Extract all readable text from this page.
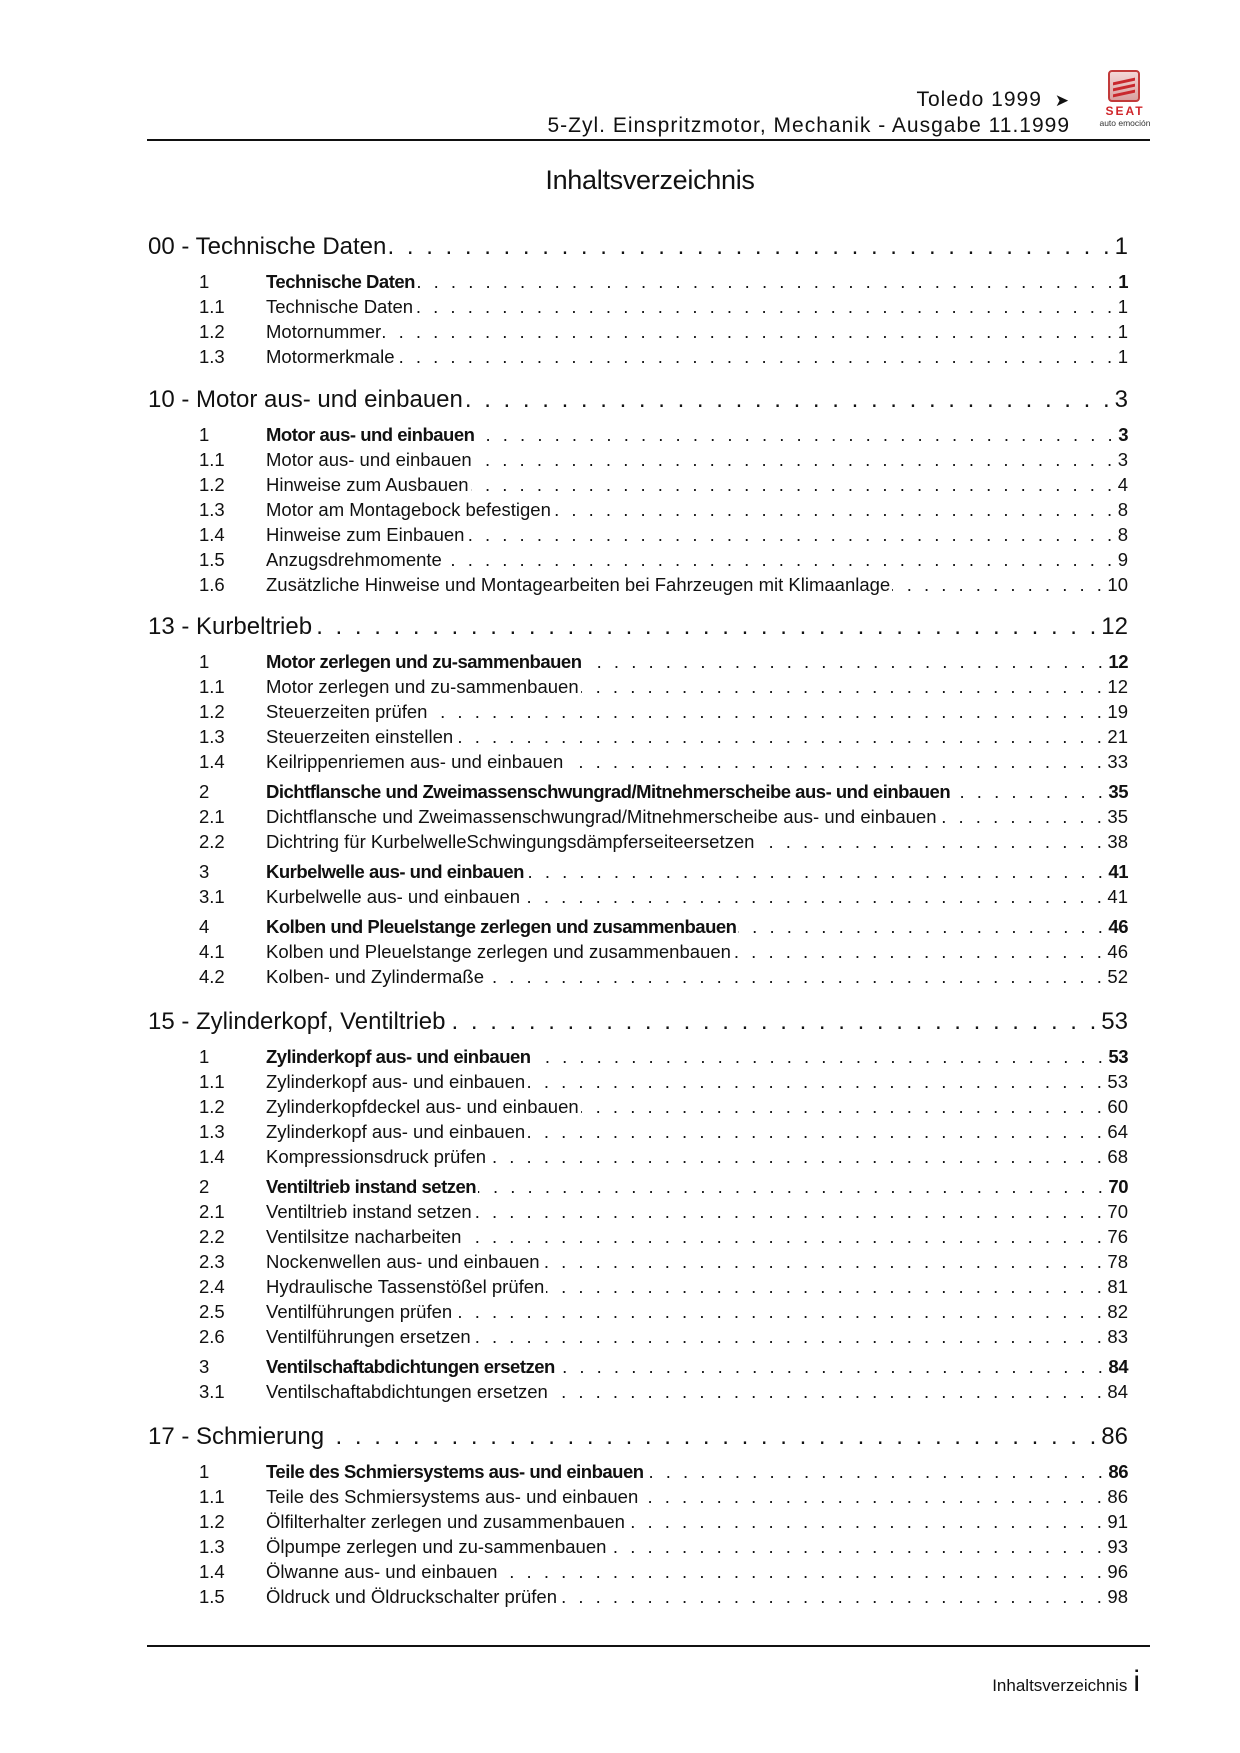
Toledo 1999 ➤
5-Zyl. Einspritzmotor, Mechanik - Ausgabe 11.1999
SEAT
auto emoción
Inhaltsverzeichnis
00 - Technische Daten . . .	1
1	Technische Daten . . .	1
1.1	Technische Daten . . .	1
1.2	Motornummer . . .	1
1.3	Motormerkmale . . .	1
10 - Motor aus- und einbauen . . .	3
1	Motor aus- und einbauen . . .	3
1.1	Motor aus- und einbauen . . .	3
1.2	Hinweise zum Ausbauen . . .	4
1.3	Motor am Montagebock befestigen . . .	8
1.4	Hinweise zum Einbauen . . .	8
1.5	Anzugsdrehmomente . . .	9
1.6	Zusätzliche Hinweise und Montagearbeiten bei Fahrzeugen mit Klimaanlage . . .	10
13 - Kurbeltrieb . . .	12
1	Motor zerlegen und zu-sammenbauen . . .	12
1.1	Motor zerlegen und zu-sammenbauen . . .	12
1.2	Steuerzeiten prüfen . . .	19
1.3	Steuerzeiten einstellen . . .	21
1.4	Keilrippenriemen aus- und einbauen . . .	33
2	Dichtflansche und Zweimassenschwungrad/Mitnehmerscheibe aus- und einbauen . . .	35
2.1	Dichtflansche und Zweimassenschwungrad/Mitnehmerscheibe aus- und einbauen . . .	35
2.2	Dichtring für KurbelwelleSchwingungsdämpferseiteersetzen . . .	38
3	Kurbelwelle aus- und einbauen . . .	41
3.1	Kurbelwelle aus- und einbauen . . .	41
4	Kolben und Pleuelstange zerlegen und zusammenbauen . . .	46
4.1	Kolben und Pleuelstange zerlegen und zusammenbauen . . .	46
4.2	Kolben- und Zylindermaße . . .	52
15 - Zylinderkopf, Ventiltrieb . . .	53
1	Zylinderkopf aus- und einbauen . . .	53
1.1	Zylinderkopf aus- und einbauen . . .	53
1.2	Zylinderkopfdeckel aus- und einbauen . . .	60
1.3	Zylinderkopf aus- und einbauen . . .	64
1.4	Kompressionsdruck prüfen . . .	68
2	Ventiltrieb instand setzen . . .	70
2.1	Ventiltrieb instand setzen . . .	70
2.2	Ventilsitze nacharbeiten . . .	76
2.3	Nockenwellen aus- und einbauen . . .	78
2.4	Hydraulische Tassenstößel prüfen . . .	81
2.5	Ventilführungen prüfen . . .	82
2.6	Ventilführungen ersetzen . . .	83
3	Ventilschaftabdichtungen ersetzen . . .	84
3.1	Ventilschaftabdichtungen ersetzen . . .	84
17 - Schmierung . . .	86
1	Teile des Schmiersystems aus- und einbauen . . .	86
1.1	Teile des Schmiersystems aus- und einbauen . . .	86
1.2	Ölfilterhalter zerlegen und zusammenbauen . . .	91
1.3	Ölpumpe zerlegen und zu-sammenbauen . . .	93
1.4	Ölwanne aus- und einbauen . . .	96
1.5	Öldruck und Öldruckschalter prüfen . . .	98
Inhaltsverzeichnis i
